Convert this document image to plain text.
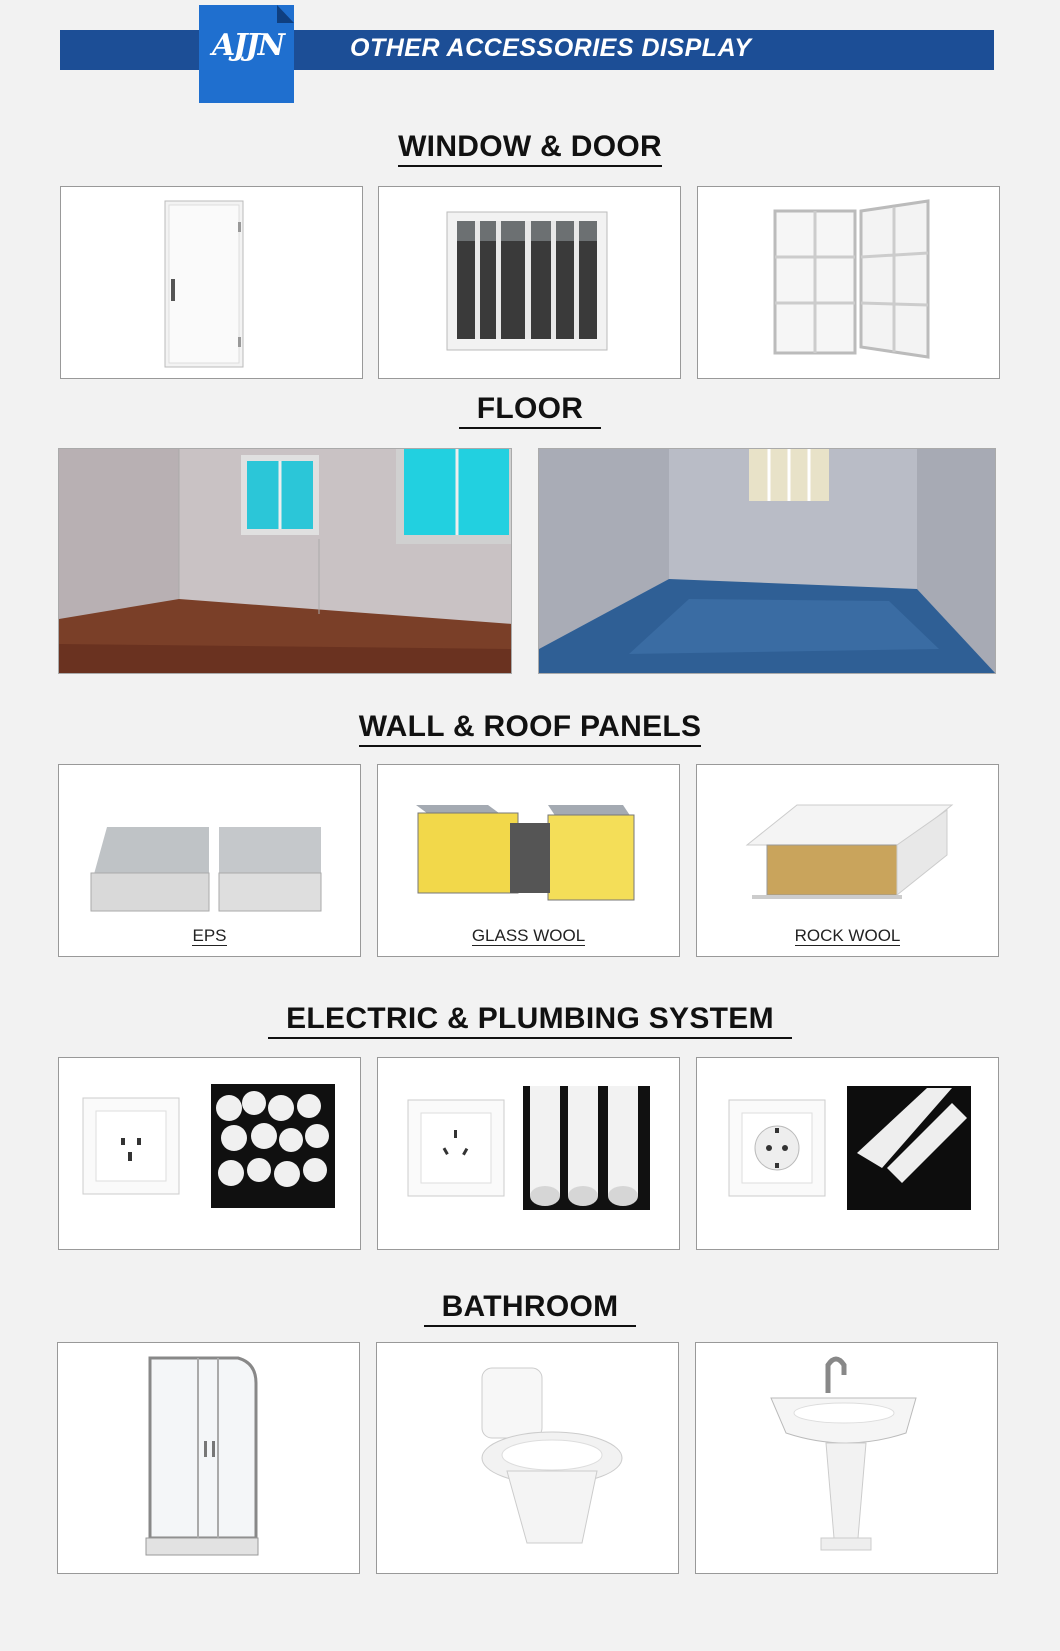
AJJN	OTHER ACCESSORIES DISPLAY
WINDOW & DOOR
FLOOR
WALL & ROOF PANELS
EPS	GLASS WOOL	ROCK WOOL
ELECTRIC & PLUMBING SYSTEM
BATHROOM
